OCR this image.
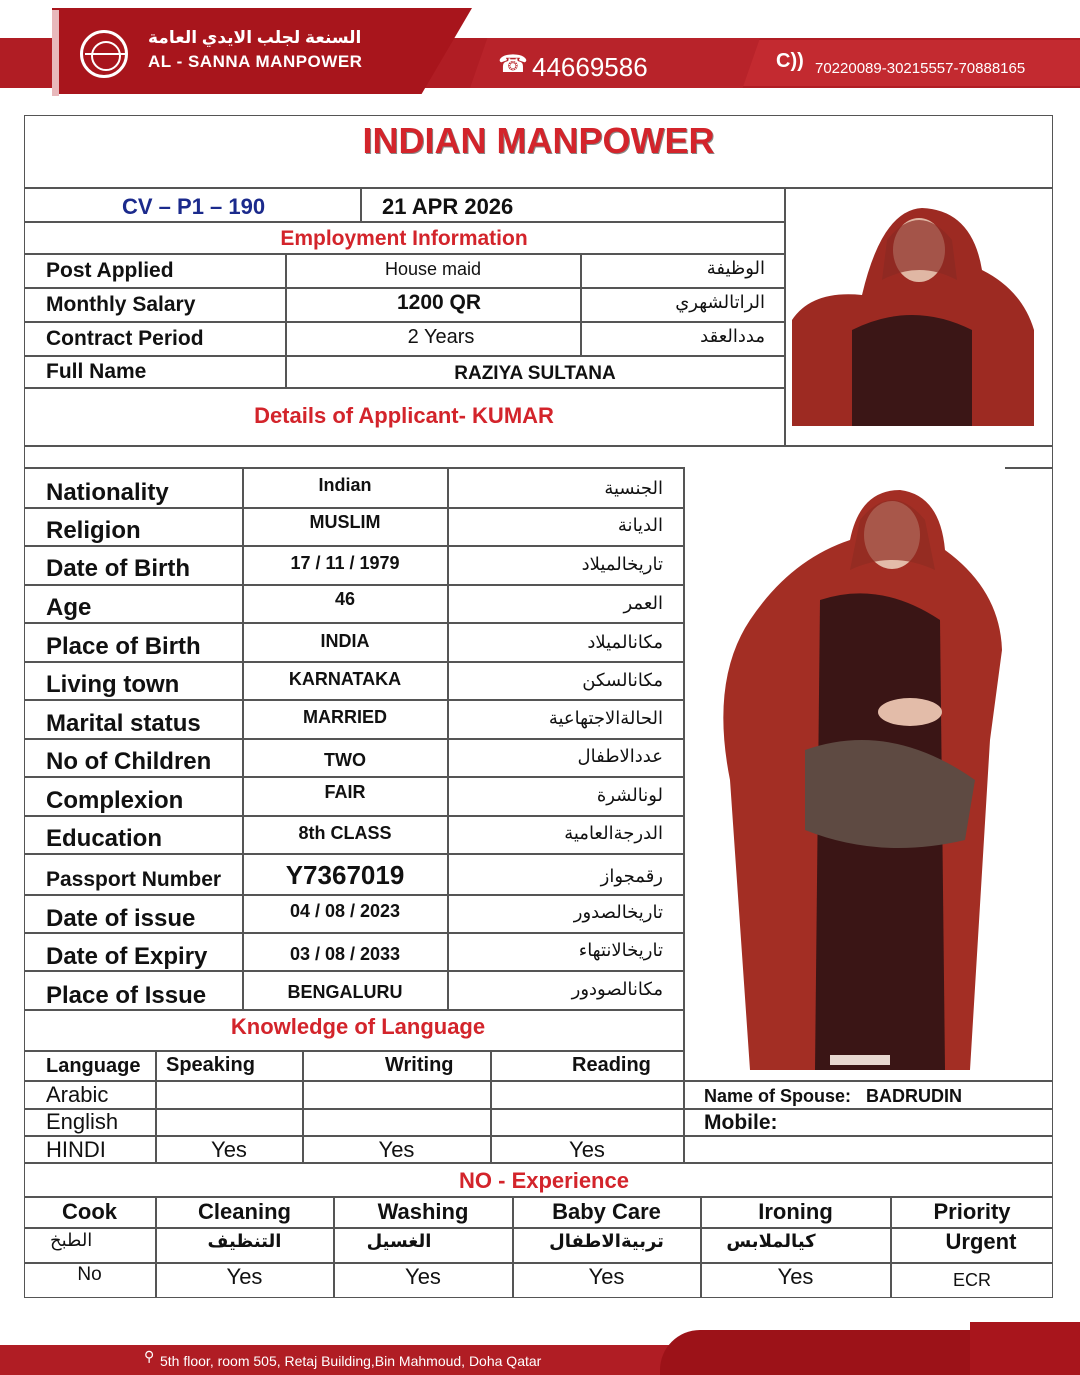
السنعة لجلب الايدي العامة
AL - SANNA MANPOWER	☎ 44669586	C)) 70220089-30215557-70888165
INDIAN MANPOWER
CV – P1 – 190	21 APR 2026
Employment Information
Post Applied	House maid	الوظيفة
Monthly Salary	1200 QR	الراتالشهري
Contract Period	2 Years	مددالعقد
Full Name	RAZIYA SULTANA
Details of Applicant- KUMAR
Nationality	Indian	الجنسية
Religion	MUSLIM	الديانة
Date of Birth	17 / 11 / 1979	تاريخالميلاد
Age	46	العمر
Place of Birth	INDIA	مكانالميلاد
Living town	KARNATAKA	مكانالسكن
Marital status	MARRIED	الحالةالاجتهاعية
No of Children	TWO	عددالاطفال
Complexion	FAIR	لونالشرة
Education	8th CLASS	الدرجةالعامية
Passport Number	Y7367019	رقمجواز
Date of issue	04 / 08 / 2023	تاريخالصدور
Date of Expiry	03 / 08 / 2033	تاريخالانتهاء
Place of Issue	BENGALURU	مكانالصودور
Knowledge of Language
Language Speaking	Writing	Reading
Arabic
English
HINDI	Yes	Yes	Yes
Name of Spouse: BADRUDIN
Mobile:
NO - Experience
Cook	Cleaning	Washing	Baby Care	Ironing	Priority
الطبخ	التنظيف	الغسيل	تربيةالاطفال	كيالملابس	Urgent
No	Yes	Yes	Yes	Yes	ECR
⚲ 5th floor, room 505, Retaj Building,Bin Mahmoud, Doha Qatar
